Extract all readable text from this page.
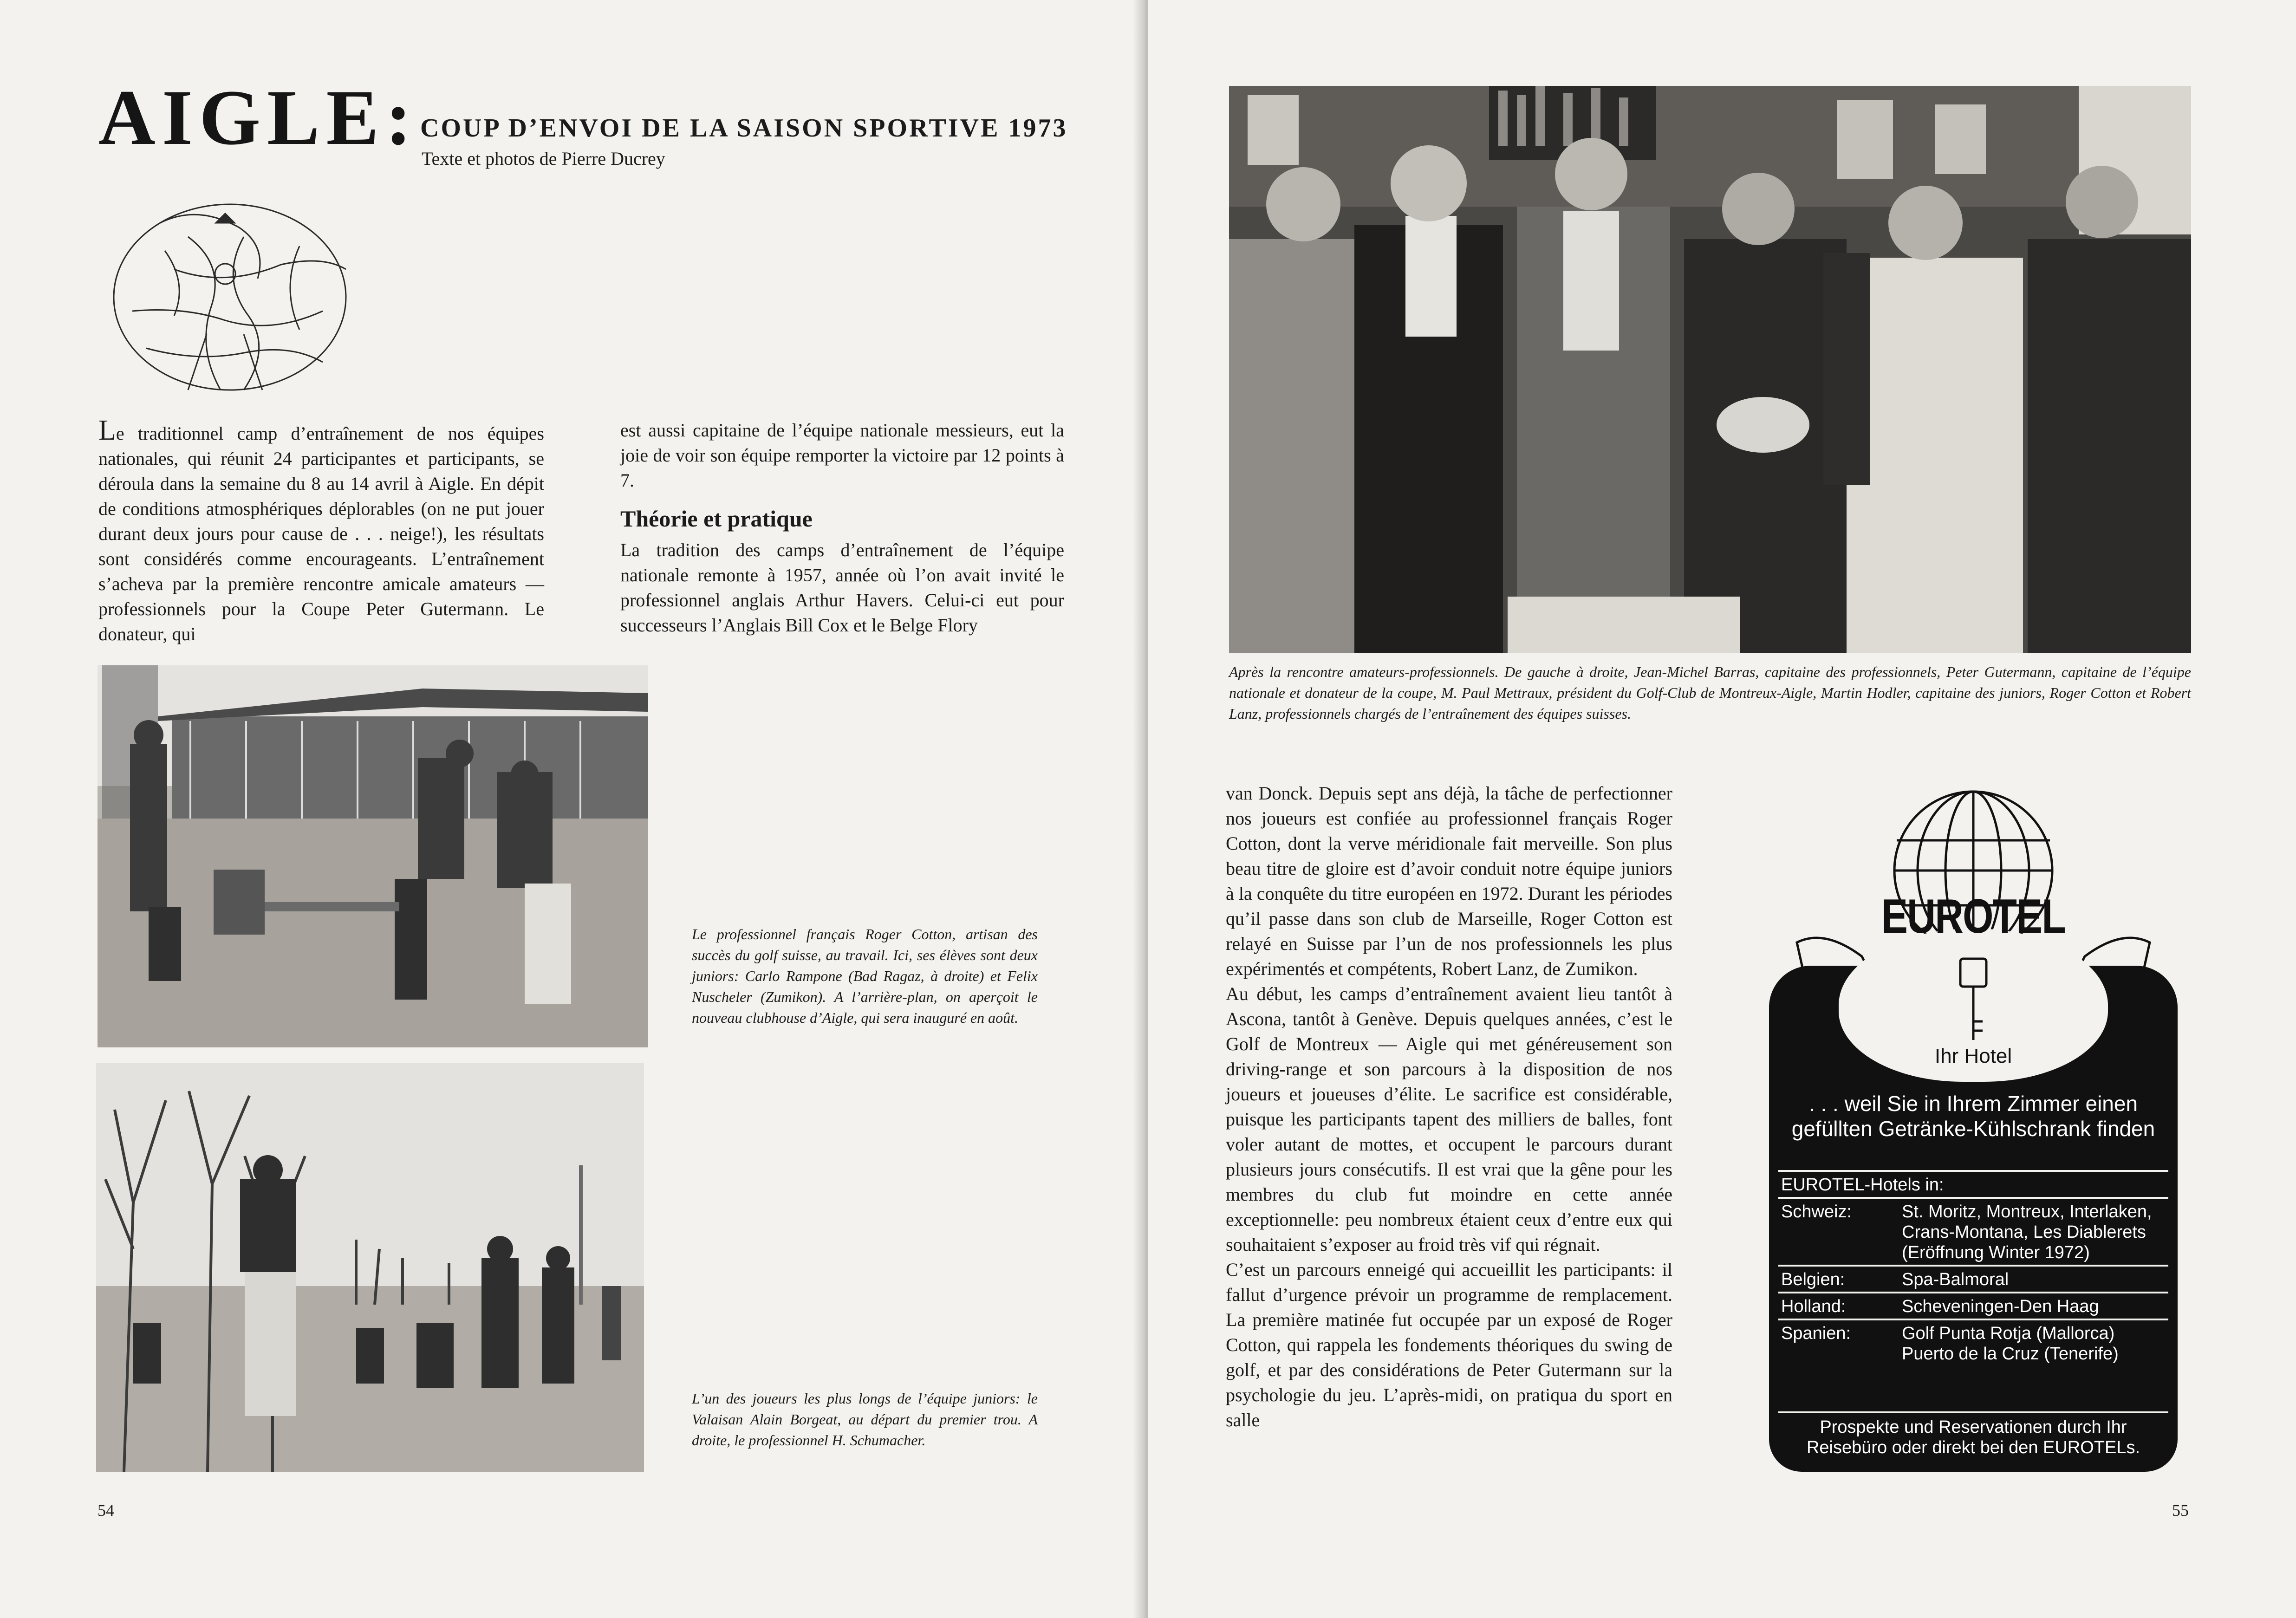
AIGLE: COUP D’ENVOI DE LA SAISON SPORTIVE 1973
Texte et photos de Pierre Ducrey

Le traditionnel camp d’entraînement de nos équipes nationales, qui réunit 24 participantes et participants, se déroula dans la semaine du 8 au 14 avril à Aigle. En dépit de conditions atmosphériques déplorables (on ne put jouer durant deux jours pour cause de . . . neige!), les résultats sont considérés comme encourageants. L’entraînement s’acheva par la première rencontre amicale amateurs — professionnels pour la Coupe Peter Gutermann. Le donateur, qui

est aussi capitaine de l’équipe nationale messieurs, eut la joie de voir son équipe remporter la victoire par 12 points à 7.

Théorie et pratique

La tradition des camps d’entraînement de l’équipe nationale remonte à 1957, année où l’on avait invité le professionnel anglais Arthur Havers. Celui-ci eut pour successeurs l’Anglais Bill Cox et le Belge Flory

Le professionnel français Roger Cotton, artisan des succès du golf suisse, au travail. Ici, ses élèves sont deux juniors: Carlo Rampone (Bad Ragaz, à droite) et Felix Nuscheler (Zumikon). A l’arrière-plan, on aperçoit le nouveau clubhouse d’Aigle, qui sera inauguré en août.
L’un des joueurs les plus longs de l’équipe juniors: le Valaisan Alain Borgeat, au départ du premier trou. A droite, le professionnel H. Schumacher.
54
Après la rencontre amateurs-professionnels. De gauche à droite, Jean-Michel Barras, capitaine des professionnels, Peter Gutermann, capitaine de l’équipe nationale et donateur de la coupe, M. Paul Mettraux, président du Golf-Club de Montreux-Aigle, Martin Hodler, capitaine des juniors, Roger Cotton et Robert Lanz, professionnels chargés de l’entraînement des équipes suisses.

van Donck. Depuis sept ans déjà, la tâche de perfectionner nos joueurs est confiée au professionnel français Roger Cotton, dont la verve méridionale fait merveille. Son plus beau titre de gloire est d’avoir conduit notre équipe juniors à la conquête du titre européen en 1972. Durant les périodes qu’il passe dans son club de Marseille, Roger Cotton est relayé en Suisse par l’un de nos professionnels les plus expérimentés et compétents, Robert Lanz, de Zumikon.

Au début, les camps d’entraînement avaient lieu tantôt à Ascona, tantôt à Genève. Depuis quelques années, c’est le Golf de Montreux — Aigle qui met généreusement son driving-range et son parcours à la disposition de nos joueurs et joueuses d’élite. Le sacrifice est considérable, puisque les participants tapent des milliers de balles, font voler autant de mottes, et occupent le parcours durant plusieurs jours consécutifs. Il est vrai que la gêne pour les membres du club fut moindre en cette année exceptionnelle: peu nombreux étaient ceux d’entre eux qui souhaitaient s’exposer au froid très vif qui régnait.

C’est un parcours enneigé qui accueillit les participants: il fallut d’urgence prévoir un programme de remplacement. La première matinée fut occupée par un exposé de Roger Cotton, qui rappela les fondements théoriques du swing de golf, et par des considérations de Peter Gutermann sur la psychologie du jeu. L’après-midi, on pratiqua du sport en salle

55
EUROTEL
Ihr Hotel
. . . weil Sie in Ihrem Zimmer einen gefüllten Getränke-Kühlschrank finden
EUROTEL-Hotels in:
Schweiz:	St. Moritz, Montreux, Interlaken, Crans-Montana, Les Diablerets (Eröffnung Winter 1972)
Belgien:	Spa-Balmoral
Holland:	Scheveningen-Den Haag
Spanien:	Golf Punta Rotja (Mallorca) Puerto de la Cruz (Tenerife)
Prospekte und Reservationen durch Ihr Reisebüro oder direkt bei den EUROTELs.
